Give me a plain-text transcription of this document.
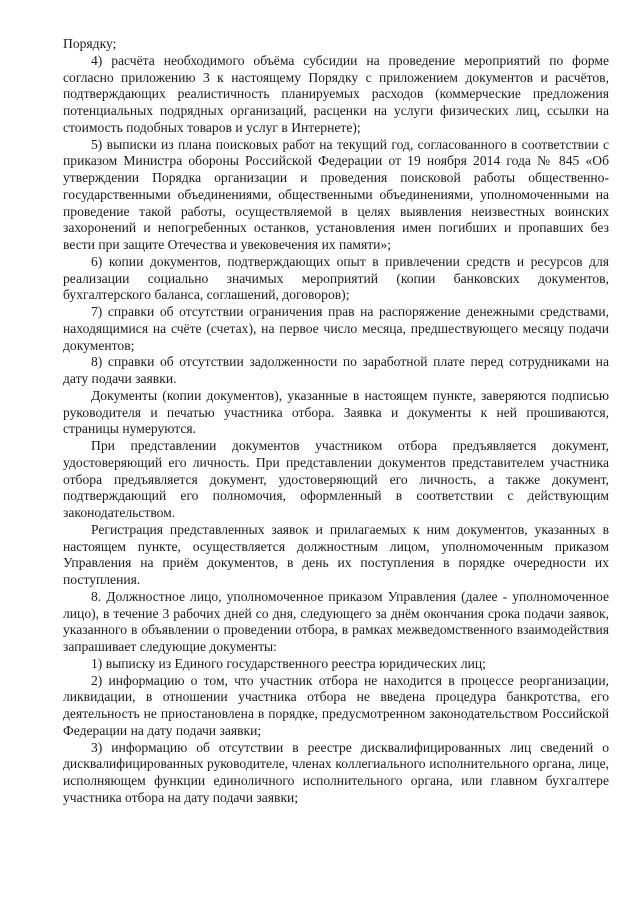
Порядку;

4) расчёта необходимого объёма субсидии на проведение мероприятий по форме согласно приложению 3 к настоящему Порядку с приложением документов и расчётов, подтверждающих реалистичность планируемых расходов (коммерческие предложения потенциальных подрядных организаций, расценки на услуги физических лиц, ссылки на стоимость подобных товаров и услуг в Интернете);

5) выписки из плана поисковых работ на текущий год, согласованного в соответствии с приказом Министра обороны Российской Федерации от 19 ноября 2014 года № 845 «Об утверждении Порядка организации и проведения поисковой работы общественно-государственными объединениями, общественными объединениями, уполномоченными на проведение такой работы, осуществляемой в целях выявления неизвестных воинских захоронений и непогребенных останков, установления имен погибших и пропавших без вести при защите Отечества и увековечения их памяти»;

6) копии документов, подтверждающих опыт в привлечении средств и ресурсов для реализации социально значимых мероприятий (копии банковских документов, бухгалтерского баланса, соглашений, договоров);

7) справки об отсутствии ограничения прав на распоряжение денежными средствами, находящимися на счёте (счетах), на первое число месяца, предшествующего месяцу подачи документов;

8) справки об отсутствии задолженности по заработной плате перед сотрудниками на дату подачи заявки.

Документы (копии документов), указанные в настоящем пункте, заверяются подписью руководителя и печатью участника отбора. Заявка и документы к ней прошиваются, страницы нумеруются.

При представлении документов участником отбора предъявляется документ, удостоверяющий его личность. При представлении документов представителем участника отбора предъявляется документ, удостоверяющий его личность, а также документ, подтверждающий его полномочия, оформленный в соответствии с действующим законодательством.

Регистрация представленных заявок и прилагаемых к ним документов, указанных в настоящем пункте, осуществляется должностным лицом, уполномоченным приказом Управления на приём документов, в день их поступления в порядке очередности их поступления.

8. Должностное лицо, уполномоченное приказом Управления (далее - уполномоченное лицо), в течение 3 рабочих дней со дня, следующего за днём окончания срока подачи заявок, указанного в объявлении о проведении отбора, в рамках межведомственного взаимодействия запрашивает следующие документы:

1) выписку из Единого государственного реестра юридических лиц;

2) информацию о том, что участник отбора не находится в процессе реорганизации, ликвидации, в отношении участника отбора не введена процедура банкротства, его деятельность не приостановлена в порядке, предусмотренном законодательством Российской Федерации на дату подачи заявки;

3) информацию об отсутствии в реестре дисквалифицированных лиц сведений о дисквалифицированных руководителе, членах коллегиального исполнительного органа, лице, исполняющем функции единоличного исполнительного органа, или главном бухгалтере участника отбора на дату подачи заявки;
